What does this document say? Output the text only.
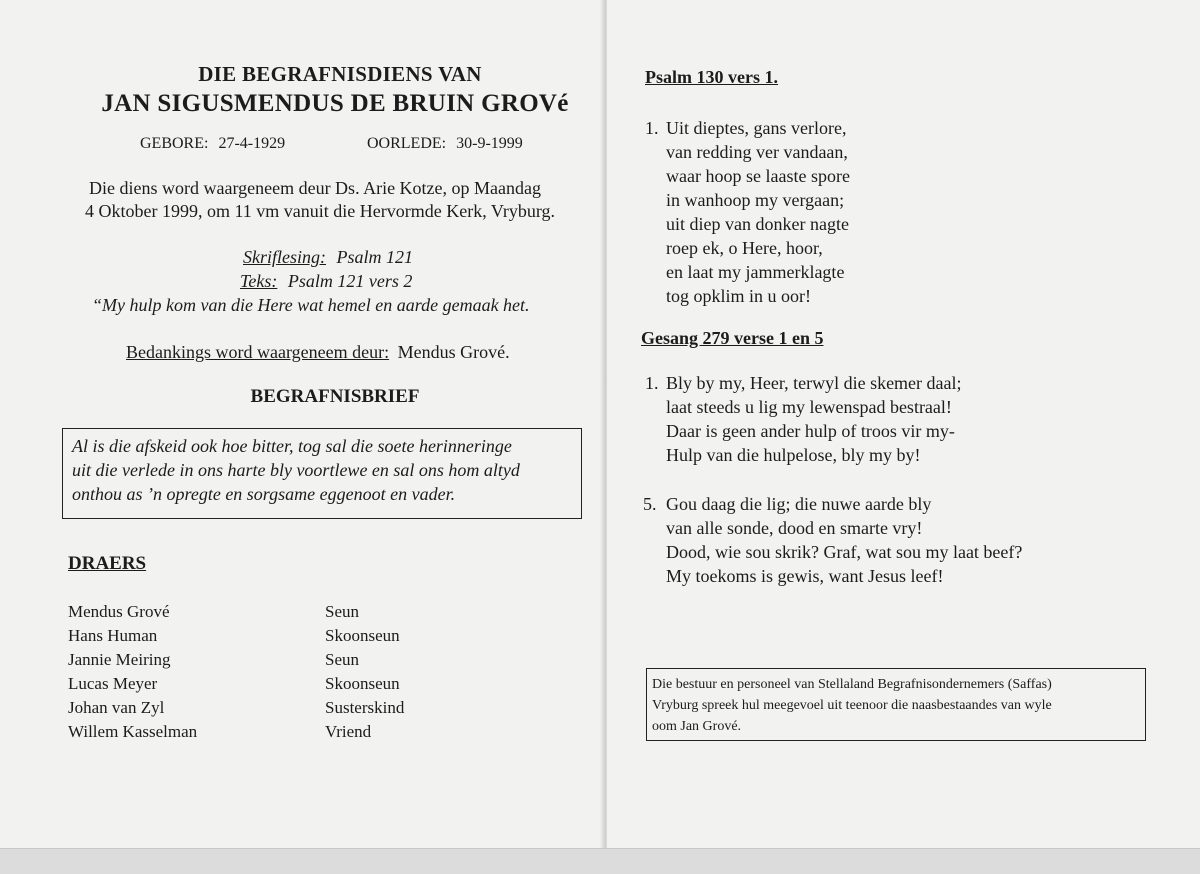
DIE BEGRAFNISDIENS VAN
JAN SIGUSMENDUS DE BRUIN GROVé
GEBORE: 27-4-1929	OORLEDE: 30-9-1999
Die diens word waargeneem deur Ds. Arie Kotze, op Maandag
4 Oktober 1999, om 11 vm vanuit die Hervormde Kerk, Vryburg.
Skriflesing: Psalm 121
Teks: Psalm 121 vers 2
“My hulp kom van die Here wat hemel en aarde gemaak het.
Bedankings word waargeneem deur: Mendus Grové.
BEGRAFNISBRIEF
Al is die afskeid ook hoe bitter, tog sal die soete herinneringe
uit die verlede in ons harte bly voortlewe en sal ons hom altyd
onthou as ’n opregte en sorgsame eggenoot en vader.
DRAERS
Mendus Grové
Hans Human
Jannie Meiring
Lucas Meyer
Johan van Zyl
Willem Kasselman
Seun
Skoonseun
Seun
Skoonseun
Susterskind
Vriend
Psalm 130 vers 1.
1. Uit dieptes, gans verlore,
van redding ver vandaan,
waar hoop se laaste spore
in wanhoop my vergaan;
uit diep van donker nagte
roep ek, o Here, hoor,
en laat my jammerklagte
tog opklim in u oor!
Gesang 279 verse 1 en 5
1. Bly by my, Heer, terwyl die skemer daal;
laat steeds u lig my lewenspad bestraal!
Daar is geen ander hulp of troos vir my-
Hulp van die hulpelose, bly my by!
5. Gou daag die lig; die nuwe aarde bly
van alle sonde, dood en smarte vry!
Dood, wie sou skrik? Graf, wat sou my laat beef?
My toekoms is gewis, want Jesus leef!
Die bestuur en personeel van Stellaland Begrafnisondernemers (Saffas)
Vryburg spreek hul meegevoel uit teenoor die naasbestaandes van wyle
oom Jan Grové.
